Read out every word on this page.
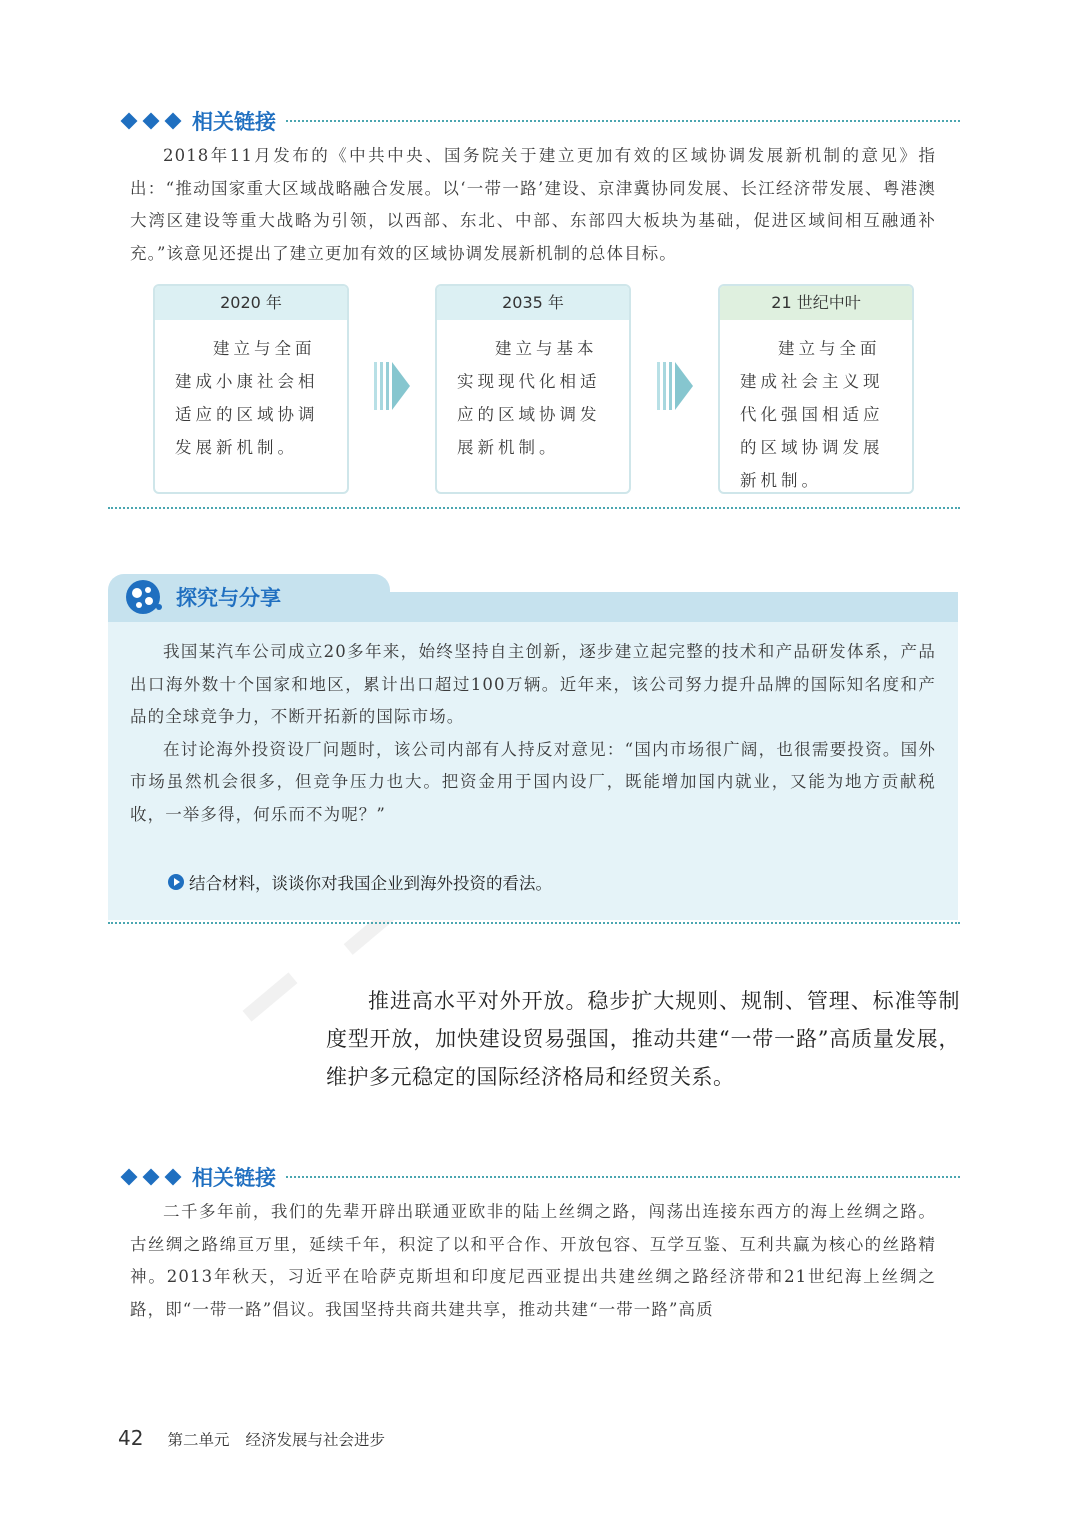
相关链接

2018年11月发布的《中共中央、国务院关于建立更加有效的区域协调发展新机制的意见》指出：“推动国家重大区域战略融合发展。以‘一带一路’建设、京津冀协同发展、长江经济带发展、粤港澳大湾区建设等重大战略为引领，以西部、东北、中部、东部四大板块为基础，促进区域间相互融通补充。”该意见还提出了建立更加有效的区域协调发展新机制的总体目标。

2020 年
建立与全面
建成小康社会相
适应的区域协调
发展新机制。
2035 年
建立与基本
实现现代化相适
应的区域协调发
展新机制。
21 世纪中叶
建立与全面
建成社会主义现
代化强国相适应
的区域协调发展
新机制。
探究与分享

我国某汽车公司成立20多年来，始终坚持自主创新，逐步建立起完整的技术和产品研发体系，产品出口海外数十个国家和地区，累计出口超过100万辆。近年来，该公司努力提升品牌的国际知名度和产品的全球竞争力，不断开拓新的国际市场。

在讨论海外投资设厂问题时，该公司内部有人持反对意见：“国内市场很广阔，也很需要投资。国外市场虽然机会很多，但竞争压力也大。把资金用于国内设厂，既能增加国内就业，又能为地方贡献税收，一举多得，何乐而不为呢？”

结合材料，谈谈你对我国企业到海外投资的看法。

推进高水平对外开放。稳步扩大规则、规制、管理、标准等制度型开放，加快建设贸易强国，推动共建“一带一路”高质量发展，维护多元稳定的国际经济格局和经贸关系。

相关链接

二千多年前，我们的先辈开辟出联通亚欧非的陆上丝绸之路，闯荡出连接东西方的海上丝绸之路。古丝绸之路绵亘万里，延续千年，积淀了以和平合作、开放包容、互学互鉴、互利共赢为核心的丝路精神。2013年秋天，习近平在哈萨克斯坦和印度尼西亚提出共建丝绸之路经济带和21世纪海上丝绸之路，即“一带一路”倡议。我国坚持共商共建共享，推动共建“一带一路”高质

42 第二单元 经济发展与社会进步
